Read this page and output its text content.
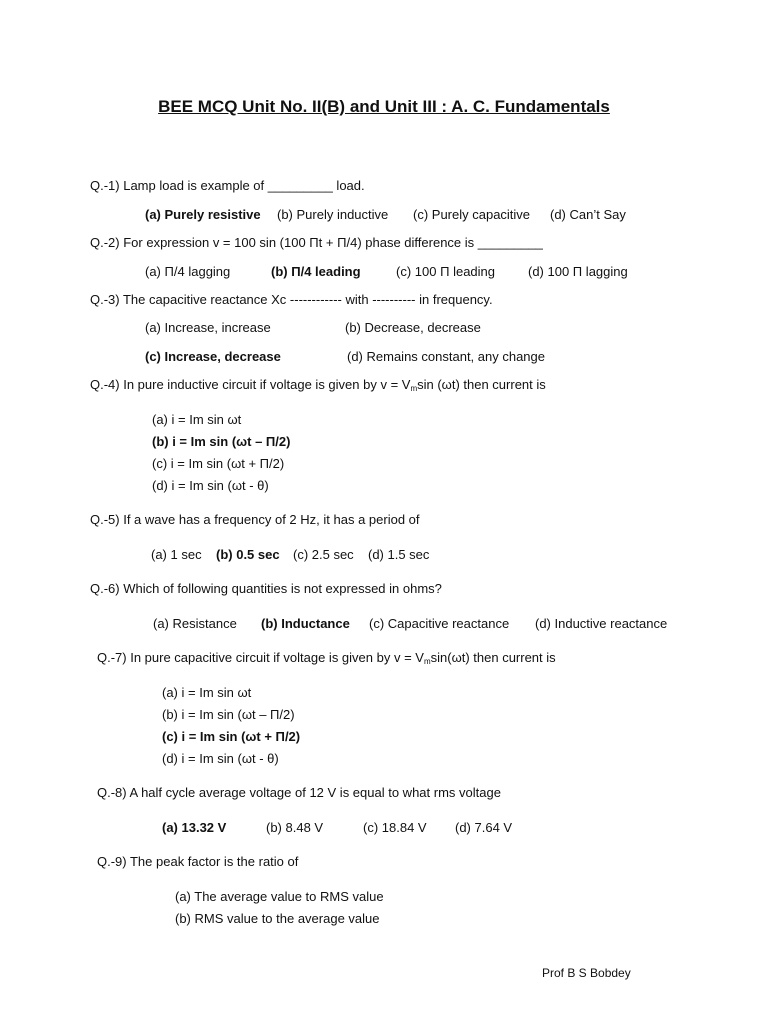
BEE MCQ Unit No. II(B) and Unit III : A. C. Fundamentals
Q.-1) Lamp load is example of _________ load.
(a) Purely resistive (b) Purely inductive (c) Purely capacitive (d) Can’t Say
Q.-2) For expression v = 100 sin (100 Πt + Π/4) phase difference is _________
(a) Π/4 lagging	(b) Π/4 leading	(c) 100 Π leading	(d) 100 Π lagging
Q.-3) The capacitive reactance Xc ------------ with ---------- in frequency.
(a) Increase, increase	(b) Decrease, decrease
(c) Increase, decrease	(d) Remains constant, any change
Q.-4) In pure inductive circuit if voltage is given by $v = V_m\sin$ (ωt) then current is
(a) i = Im sin ωt
(b) i = Im sin (ωt – Π/2)
(c) i = Im sin (ωt + Π/2)
(d) i = Im sin (ωt - θ)
Q.-5) If a wave has a frequency of 2 Hz, it has a period of
(a) 1 sec (b) 0.5 sec (c) 2.5 sec (d) 1.5 sec
Q.-6) Which of following quantities is not expressed in ohms?
(a) Resistance (b) Inductance (c) Capacitive reactance (d) Inductive reactance
Q.-7) In pure capacitive circuit if voltage is given by $v = V_m\sin(\omega t)$ then current is
(a) i = Im sin ωt
(b) i = Im sin (ωt – Π/2)
(c) i = Im sin (ωt + Π/2)
(d) i = Im sin (ωt - θ)
Q.-8) A half cycle average voltage of 12 V is equal to what rms voltage
(a) 13.32 V	(b) 8.48 V	(c) 18.84 V (d) 7.64 V
Q.-9) The peak factor is the ratio of
(a) The average value to RMS value
(b) RMS value to the average value
Prof B S Bobdey
